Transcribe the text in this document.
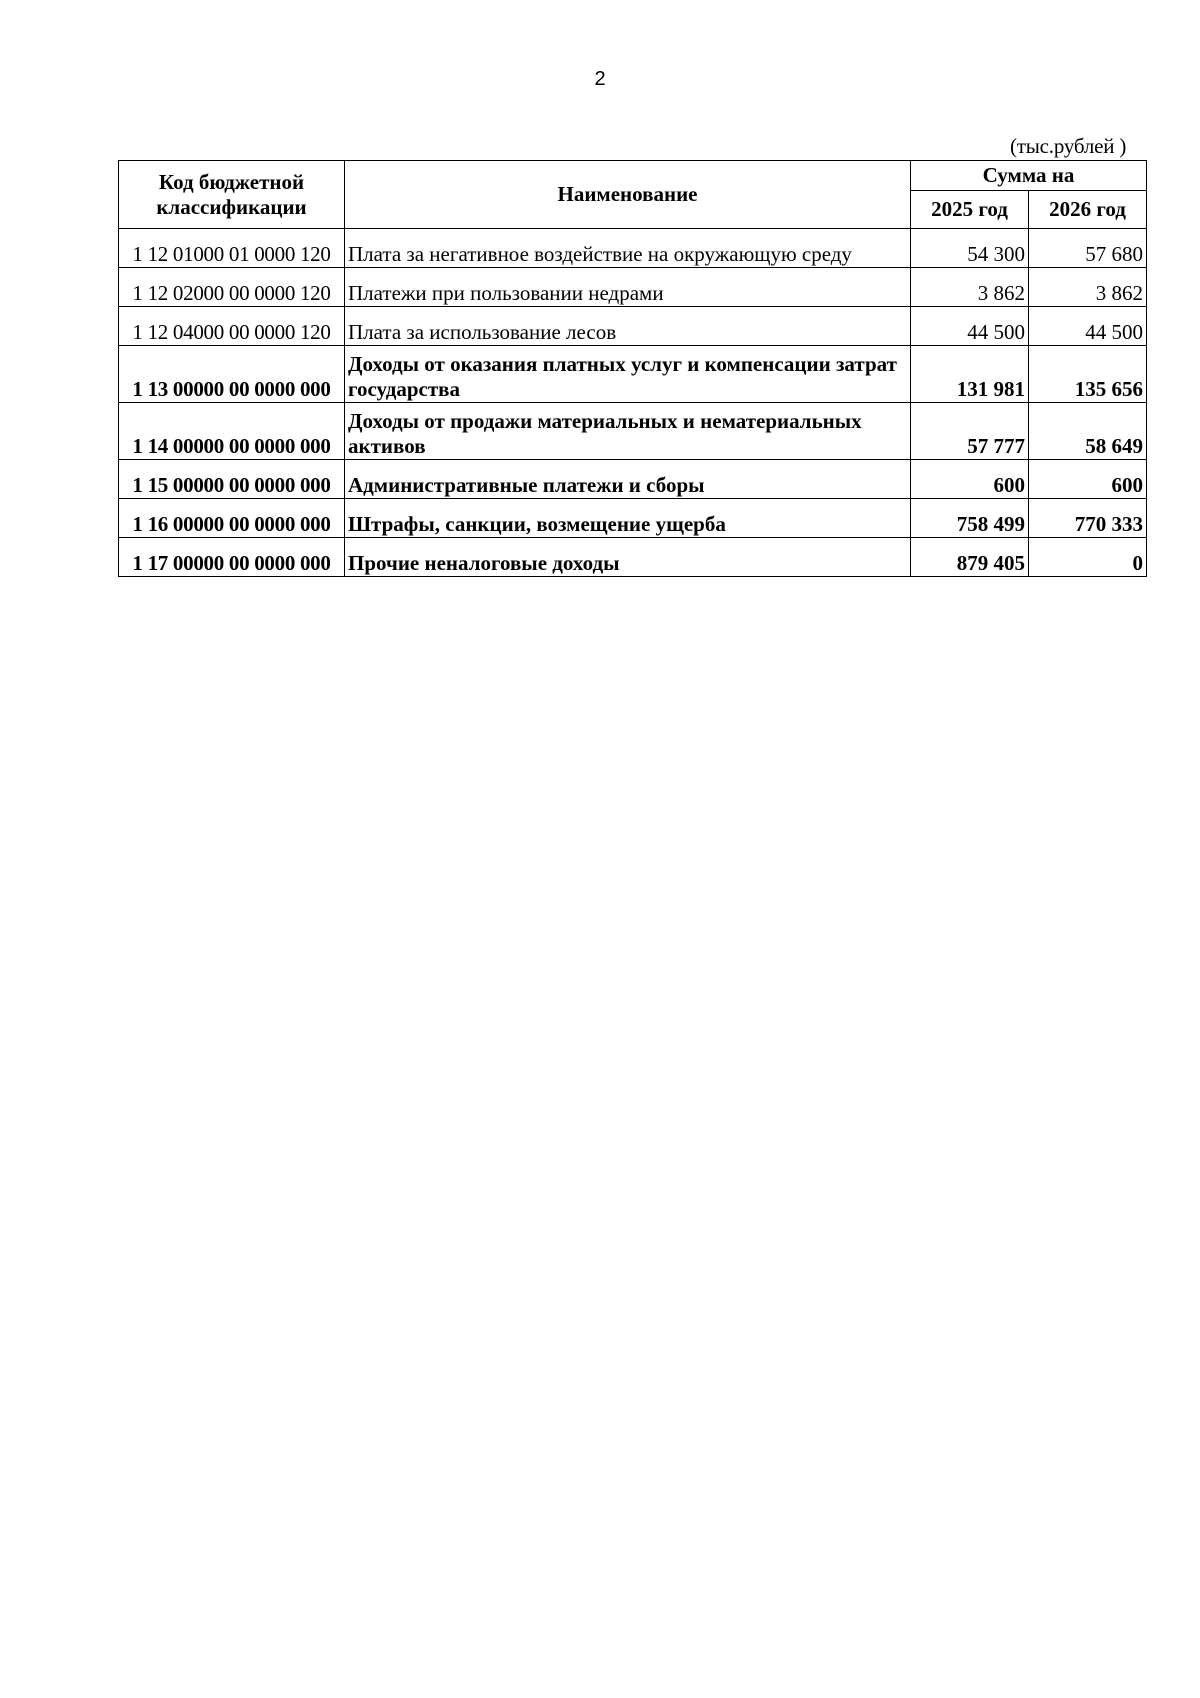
2
(тыс.рублей )
Код бюджетной классификации	Наименование	Сумма на	
		2025 год	2026 год
1 12 01000 01 0000 120	Плата за негативное воздействие на окружающую среду	54 300	57 680
1 12 02000 00 0000 120	Платежи при пользовании недрами	3 862	3 862
1 12 04000 00 0000 120	Плата за использование лесов	44 500	44 500
1 13 00000 00 0000 000	Доходы от оказания платных услуг и компенсации затрат государства	131 981	135 656
1 14 00000 00 0000 000	Доходы от продажи материальных и нематериальных активов	57 777	58 649
1 15 00000 00 0000 000	Административные платежи и сборы	600	600
1 16 00000 00 0000 000	Штрафы, санкции, возмещение ущерба	758 499	770 333
1 17 00000 00 0000 000	Прочие неналоговые доходы	879 405	0
